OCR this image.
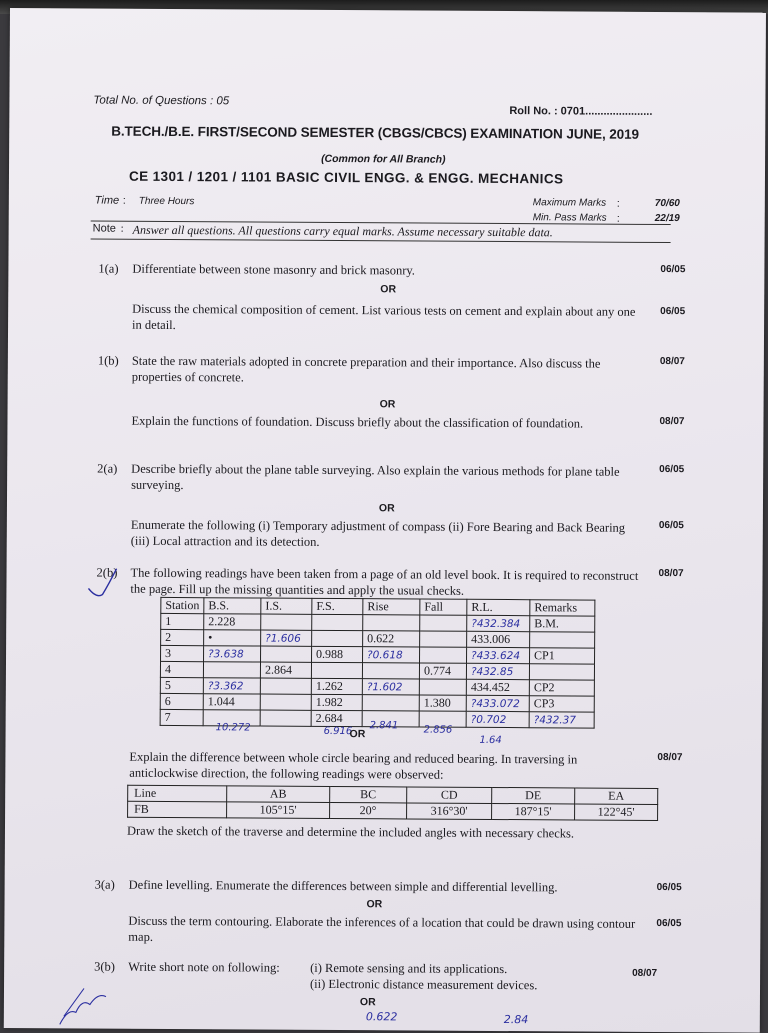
Total No. of Questions : 05
Roll No. : 0701......................
B.TECH./B.E. FIRST/SECOND SEMESTER (CBGS/CBCS) EXAMINATION JUNE, 2019
(Common for All Branch)
CE 1301 / 1201 / 1101 BASIC CIVIL ENGG. & ENGG. MECHANICS
Time : Three Hours	Maximum Marks :	70/60
Min. Pass Marks :	22/19
Note : Answer all questions. All questions carry equal marks. Assume necessary suitable data.
1(a) Differentiate between stone masonry and brick masonry.	06/05
OR
Discuss the chemical composition of cement. List various tests on cement and explain about any one in detail.
06/05
1(b) State the raw materials adopted in concrete preparation and their importance. Also discuss the properties of concrete.
08/07
OR
Explain the functions of foundation. Discuss briefly about the classification of foundation.	08/07
2(a) Describe briefly about the plane table surveying. Also explain the various methods for plane table surveying.
06/05
OR
Enumerate the following (i) Temporary adjustment of compass (ii) Fore Bearing and Back Bearing (iii) Local attraction and its detection.
06/05
2(b) The following readings have been taken from a page of an old level book. It is required to reconstruct the page. Fill up the missing quantities and apply the usual checks.
08/07
Station	B.S.	I.S.	F.S.	Rise	Fall	R.L.	Remarks
1	2.228					?432.384	B.M.
2	•	?1.606		0.622		433.006	
3	?3.638		0.988	?0.618		?433.624	CP1
4		2.864			0.774	?432.85	
5	?3.362		1.262	?1.602		434.452	CP2
6	1.044		1.982		1.380	?433.072	CP3
7			2.684			?0.702	?432.37
10.272	6.916
OR
2.841	2.856
1.64
Explain the difference between whole circle bearing and reduced bearing. In traversing in anticlockwise direction, the following readings were observed:
08/07
Line	AB	BC	CD	DE	EA
FB	105°15'	20°	316°30'	187°15'	122°45'
Draw the sketch of the traverse and determine the included angles with necessary checks.
3(a) Define levelling. Enumerate the differences between simple and differential levelling.	06/05
OR
Discuss the term contouring. Elaborate the inferences of a location that could be drawn using contour map.
06/05
3(b) Write short note on following: (i) Remote sensing and its applications.
(ii) Electronic distance measurement devices.
08/07
OR
0.622	2.84
